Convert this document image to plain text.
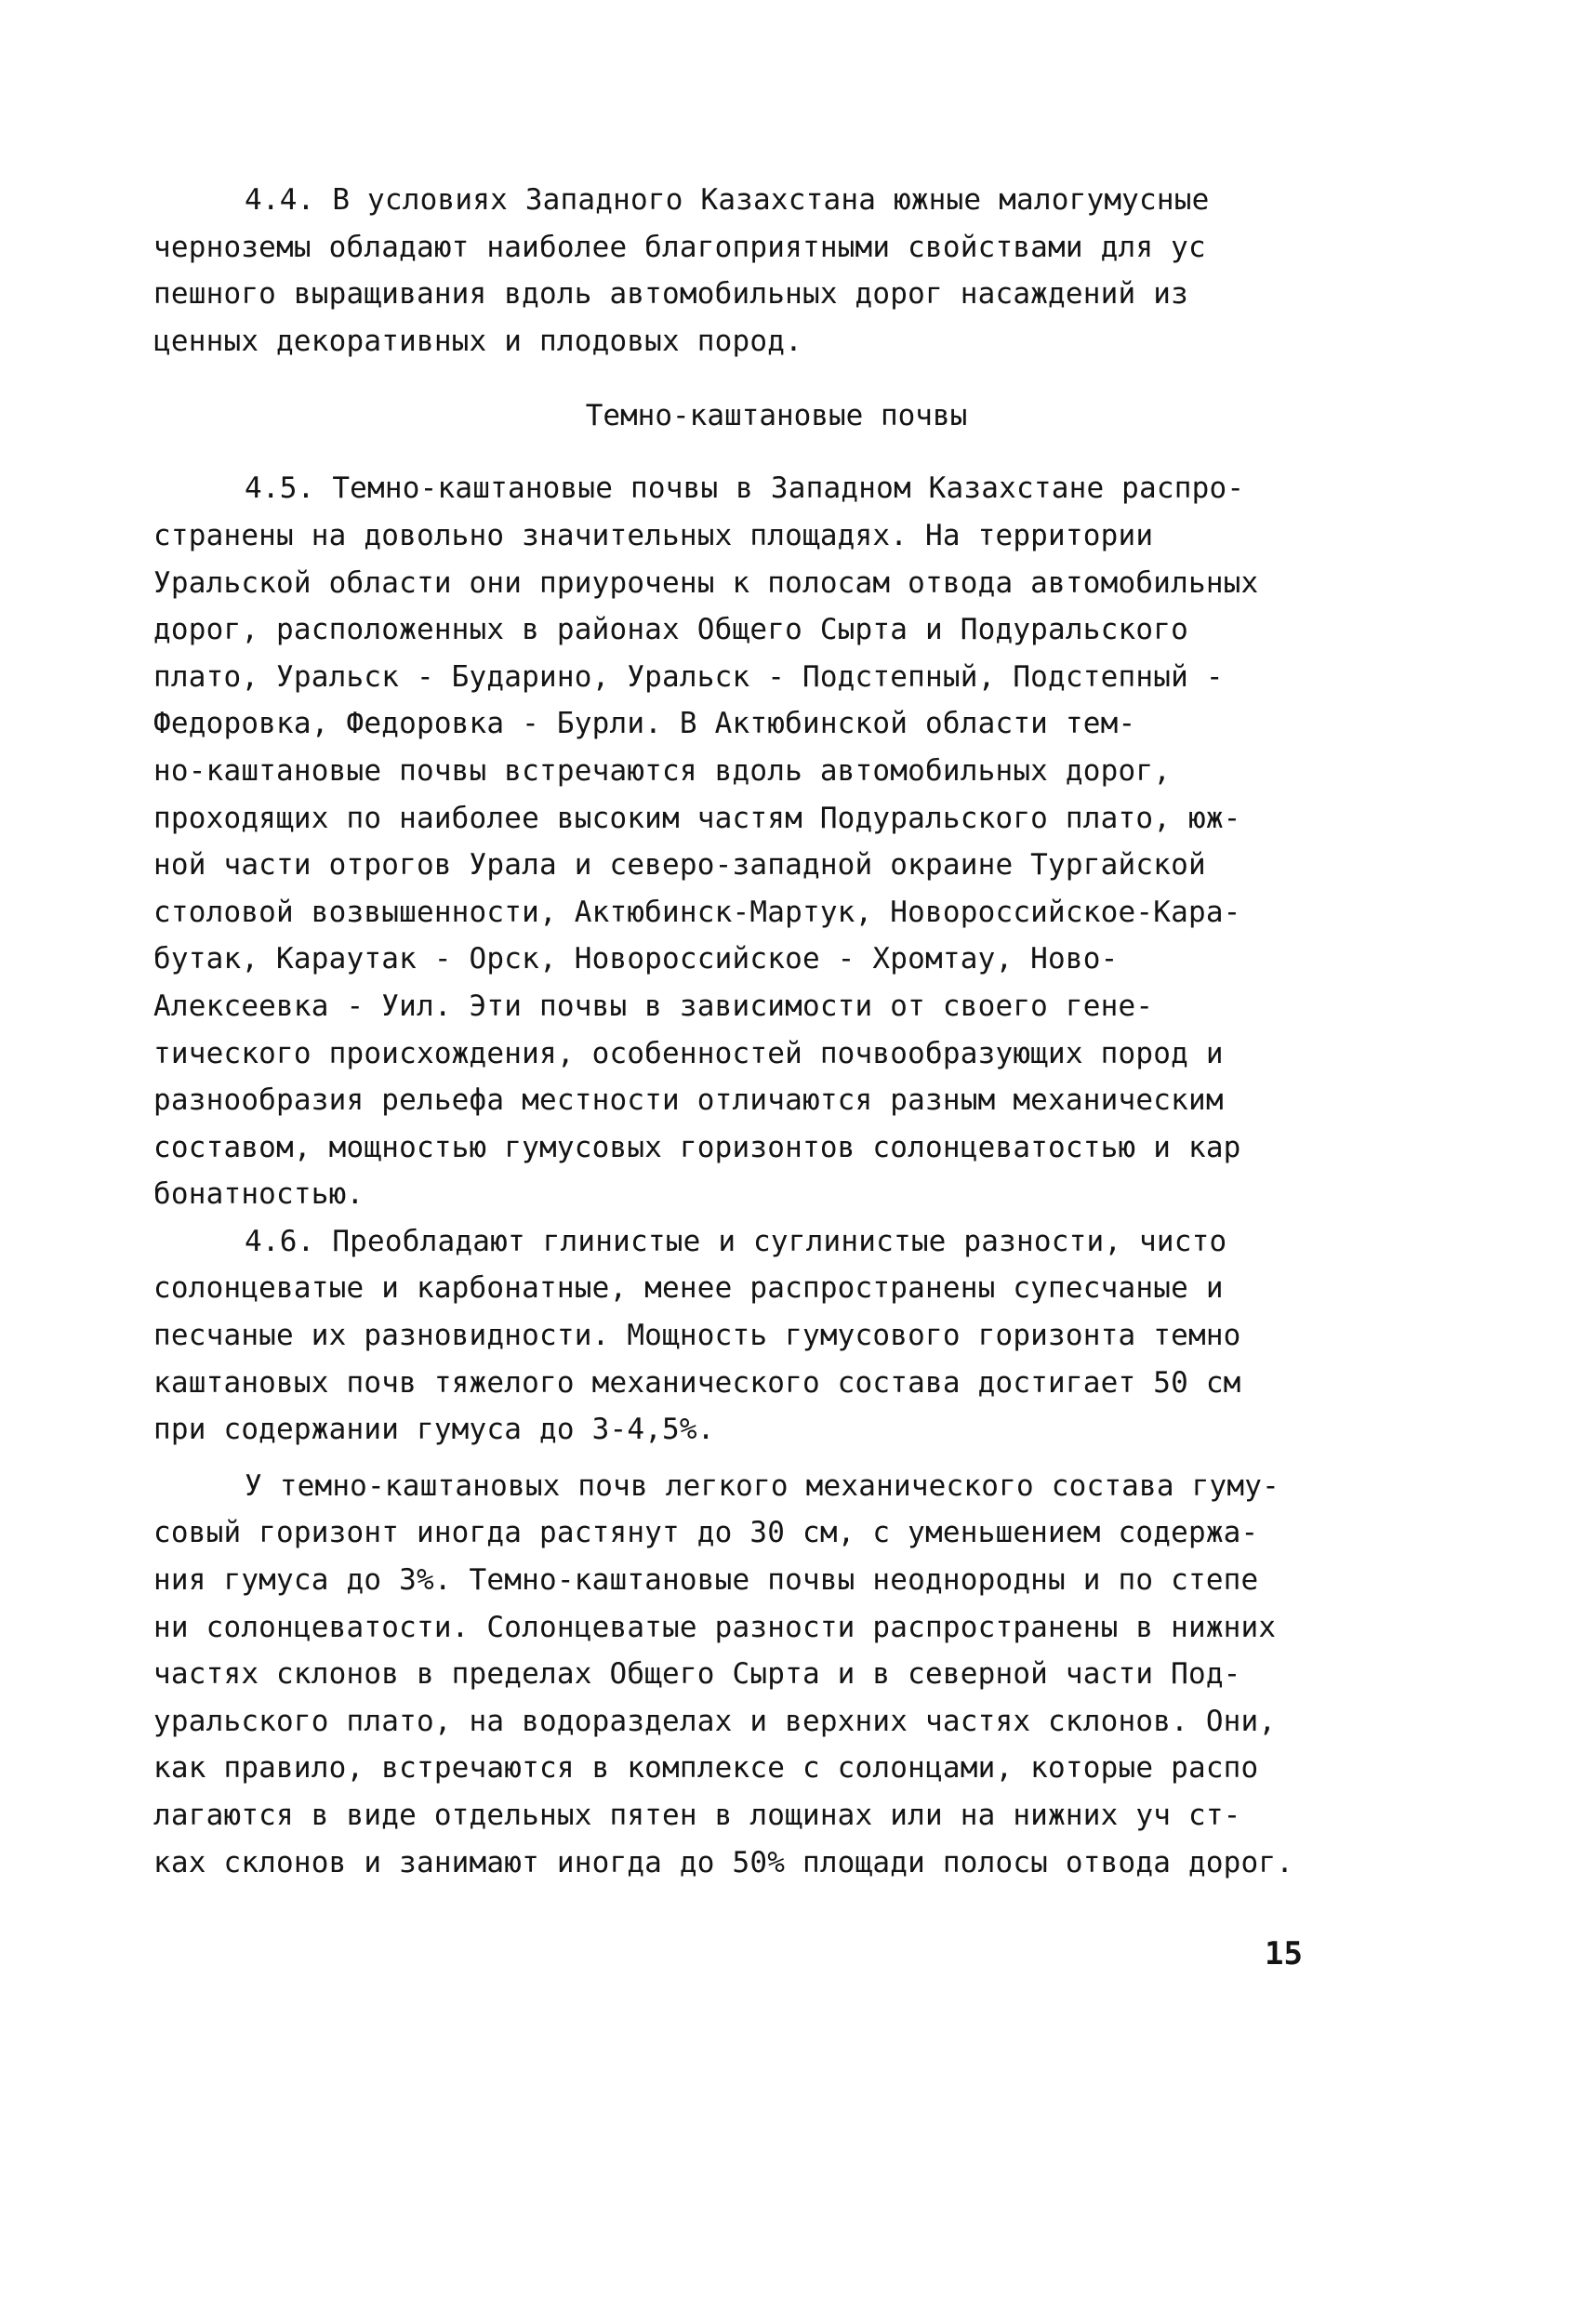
4.4. В условиях Западного Казахстана южные малогумусные
черноземы обладают наиболее благоприятными свойствами для ус
пешного выращивания вдоль автомобильных дорог насаждений из
ценных декоративных и плодовых пород.
Темно-каштановые почвы
4.5. Темно-каштановые почвы в Западном Казахстане распро-
странены на довольно значительных площадях. На территории
Уральской области они приурочены к полосам отвода автомобильных
дорог, расположенных в районах Общего Сырта и Подуральского
плато, Уральск - Бударино, Уральск - Подстепный, Подстепный -
Федоровка, Федоровка - Бурли. В Актюбинской области тем-
но-каштановые почвы встречаются вдоль автомобильных дорог,
проходящих по наиболее высоким частям Подуральского плато, юж-
ной части отрогов Урала и северо-западной окраине Тургайской
столовой возвышенности, Актюбинск-Мартук, Новороссийское-Кара-
бутак, Караутак - Орск, Новороссийское - Хромтау, Ново-
Алексеевка - Уил. Эти почвы в зависимости от своего гене-
тического происхождения, особенностей почвообразующих пород и
разнообразия рельефа местности отличаются разным механическим
составом, мощностью гумусовых горизонтов солонцеватостью и кар
бонатностью.
4.6. Преобладают глинистые и суглинистые разности, чисто
солонцеватые и карбонатные, менее распространены супесчаные и
песчаные их разновидности. Мощность гумусового горизонта темно
каштановых почв тяжелого механического состава достигает 50 см
при содержании гумуса до 3-4,5%.
У темно-каштановых почв легкого механического состава гуму-
совый горизонт иногда растянут до 30 см, с уменьшением содержа-
ния гумуса до 3%. Темно-каштановые почвы неоднородны и по степе
ни солонцеватости. Солонцеватые разности распространены в нижних
частях склонов в пределах Общего Сырта и в северной части Под-
уральского плато, на водоразделах и верхних частях склонов. Они,
как правило, встречаются в комплексе с солонцами, которые распо
лагаются в виде отдельных пятен в лощинах или на нижних уч ст-
ках склонов и занимают иногда до 50% площади полосы отвода дорог.
15
